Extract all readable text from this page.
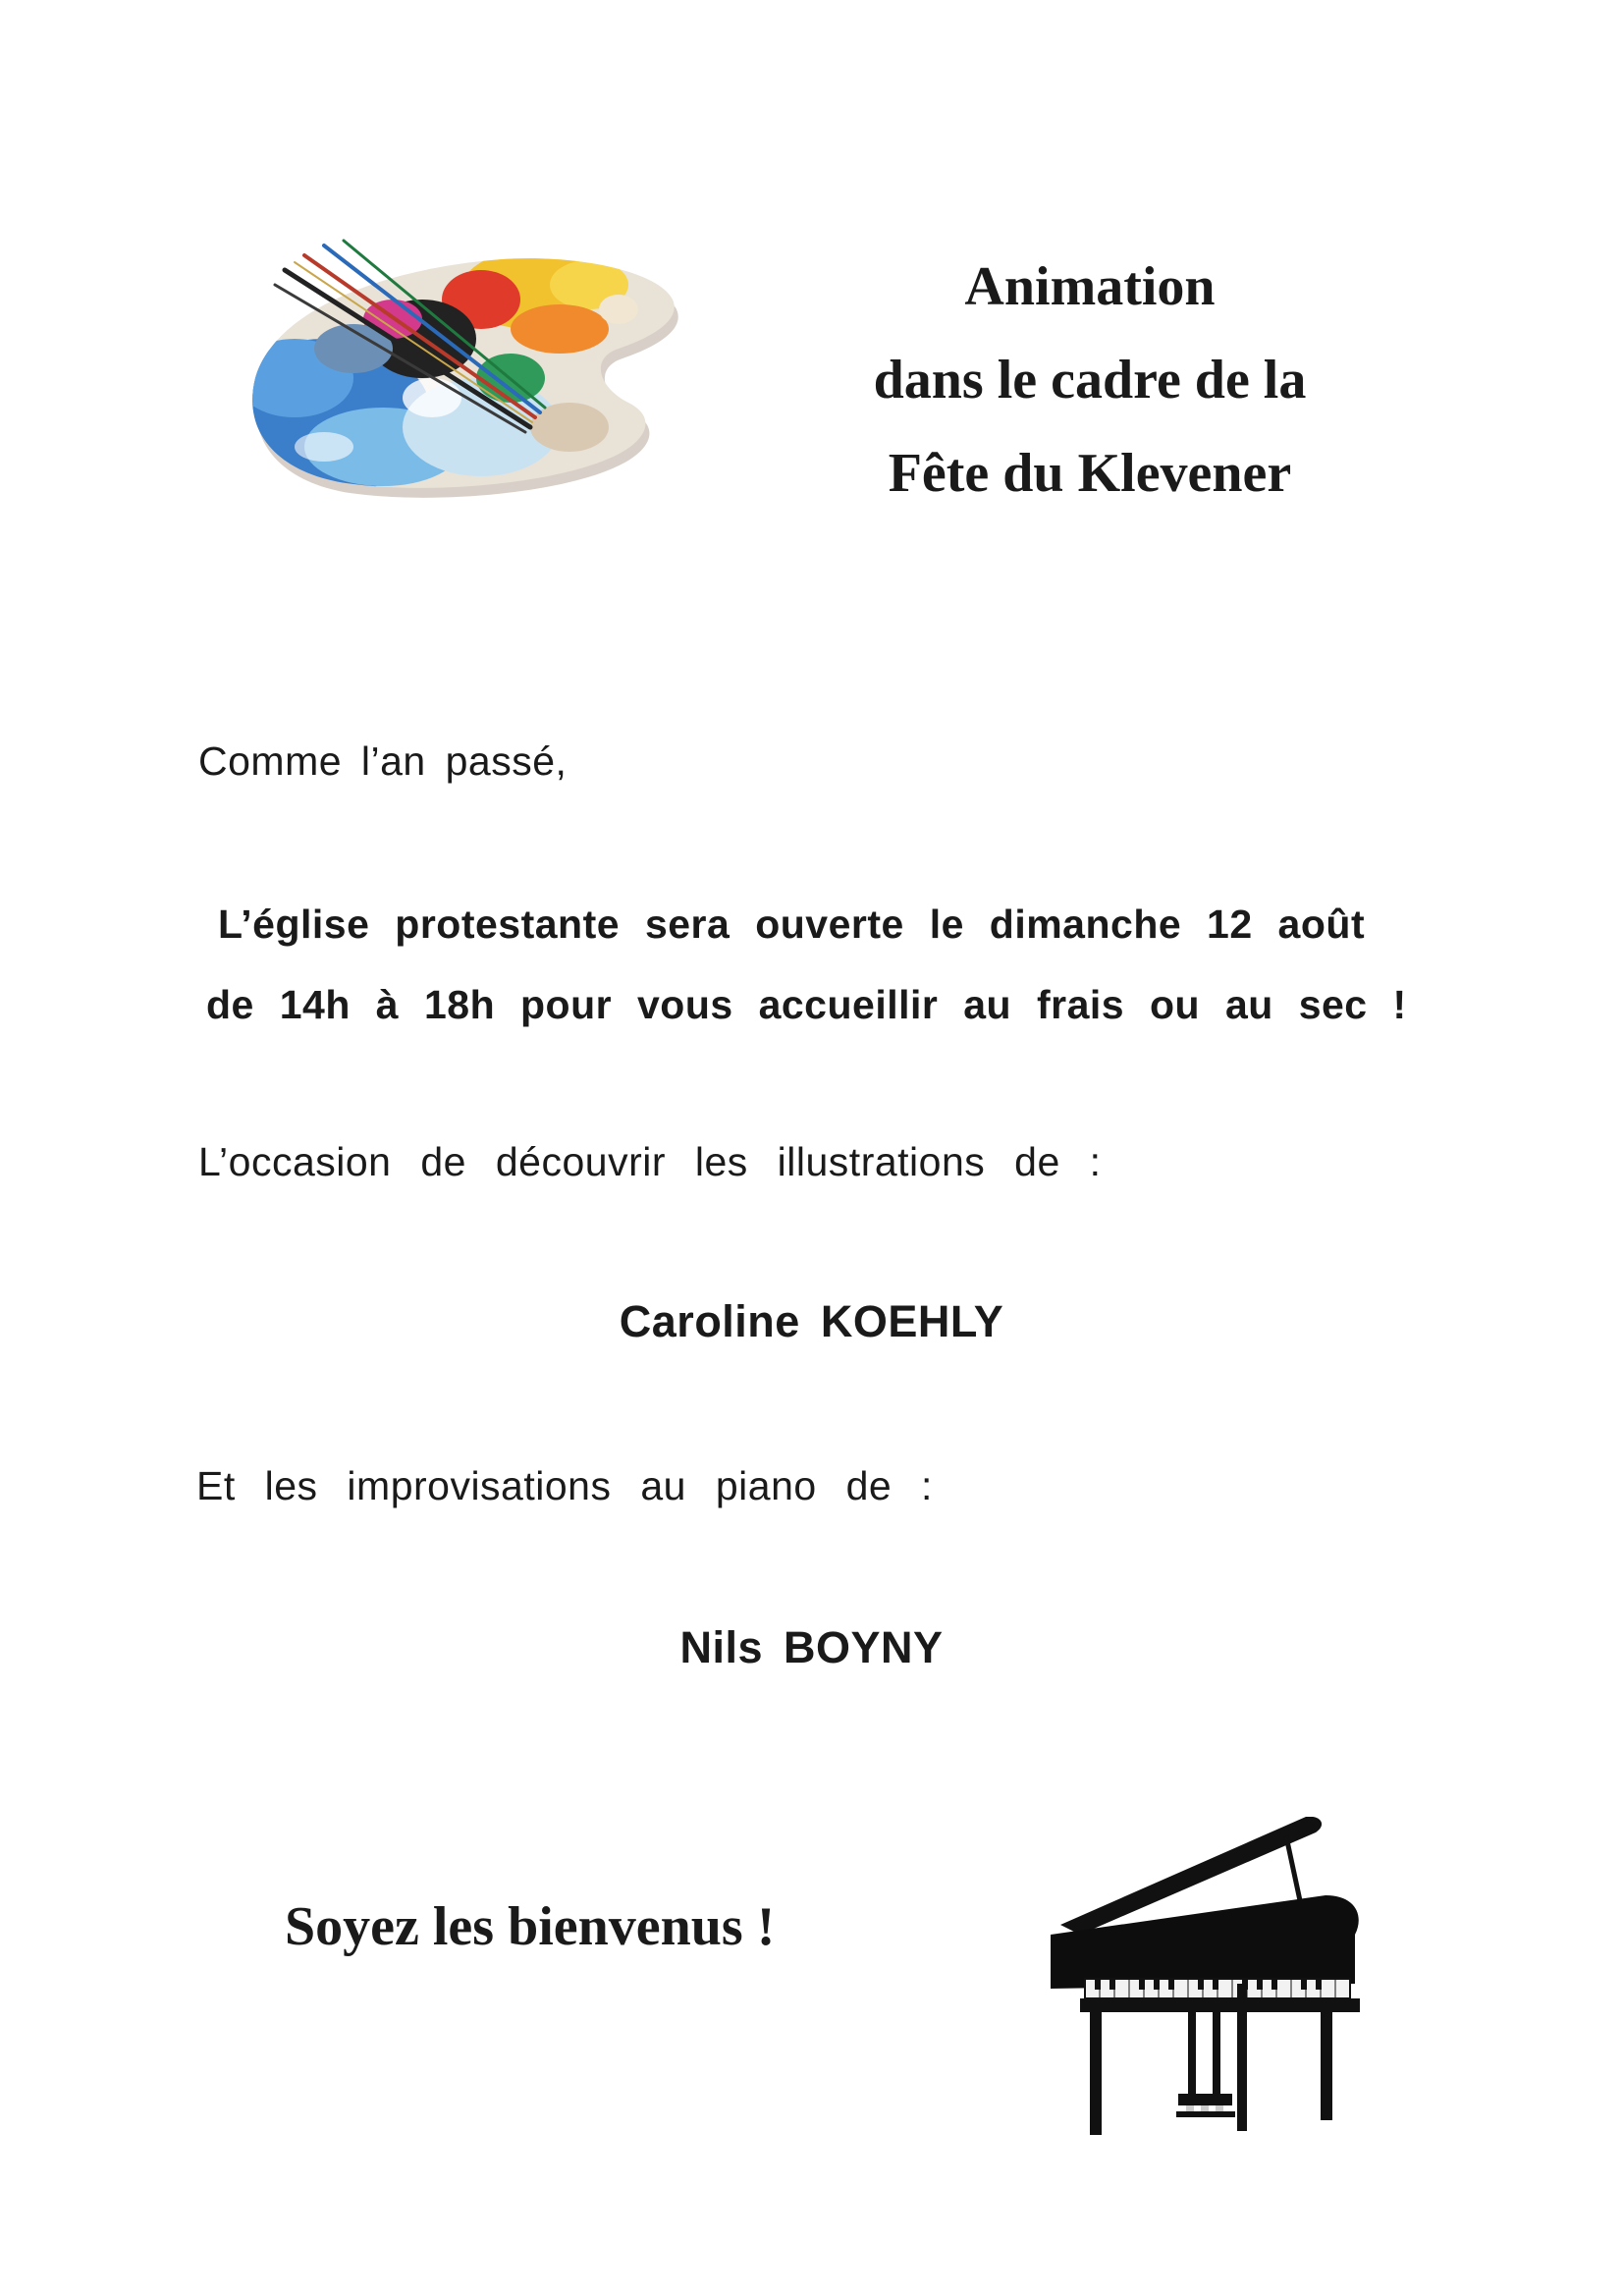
Animation
dans le cadre de la
Fête du Klevener
Comme l’an passé,
L’église protestante sera ouverte le dimanche 12 août
de 14h à 18h pour vous accueillir au frais ou au sec !
L’occasion de découvrir les illustrations de :
Caroline KOEHLY
Et les improvisations au piano de :
Nils BOYNY
Soyez les bienvenus !
